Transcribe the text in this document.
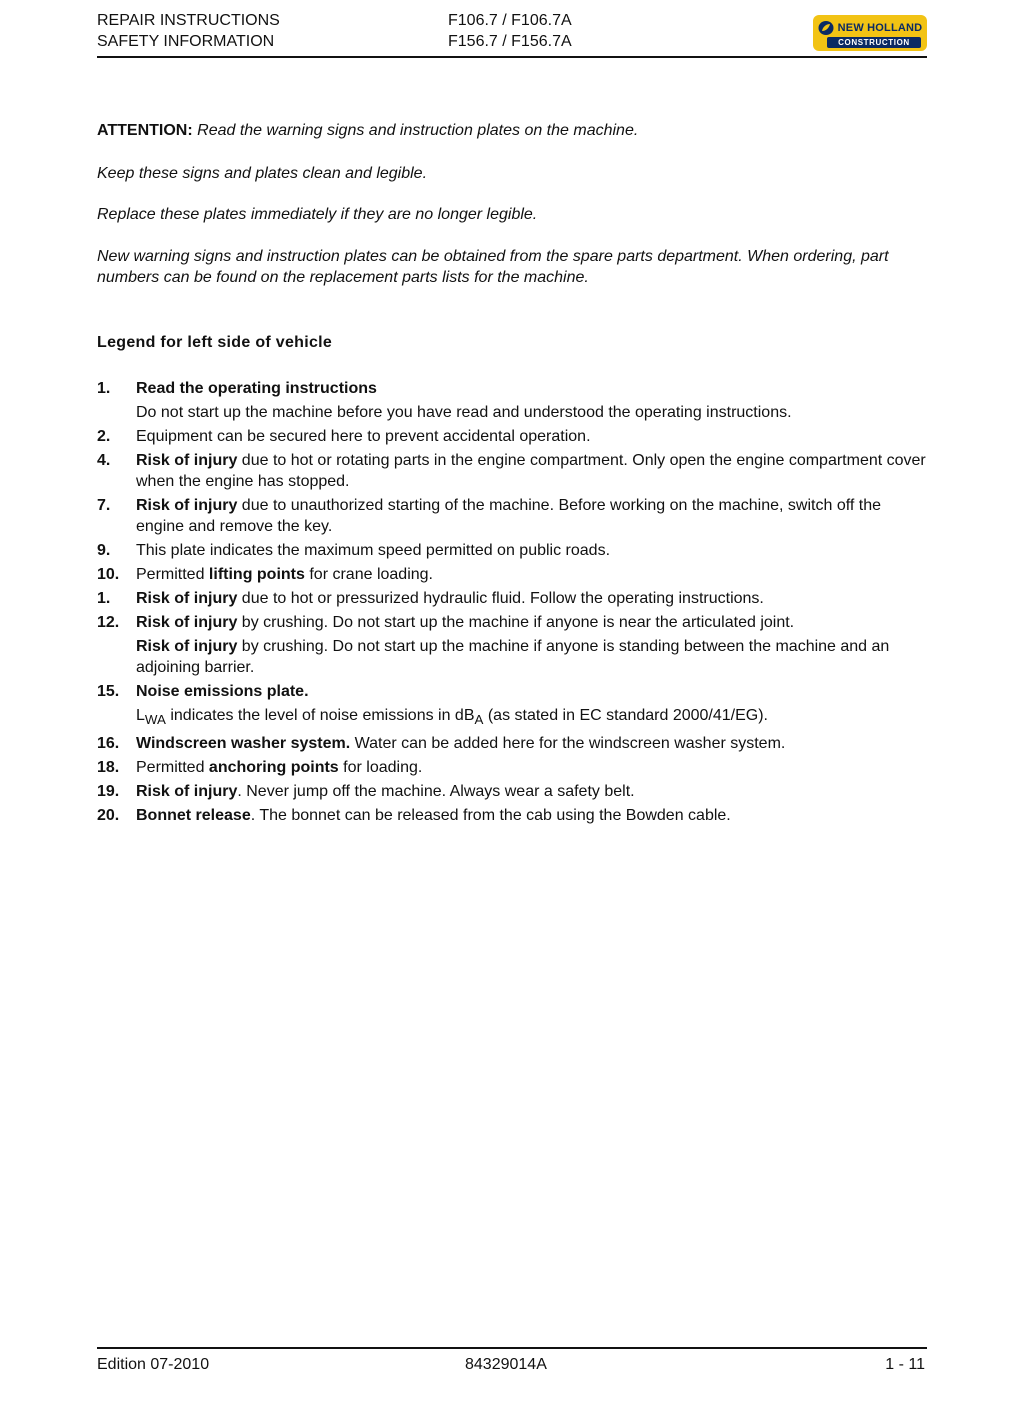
REPAIR INSTRUCTIONS
SAFETY INFORMATION
F106.7 / F106.7A
F156.7 / F156.7A
NEW HOLLAND
CONSTRUCTION

ATTENTION: Read the warning signs and instruction plates on the machine.

Keep these signs and plates clean and legible.

Replace these plates immediately if they are no longer legible.

New warning signs and instruction plates can be obtained from the spare parts department. When ordering, part numbers can be found on the replacement parts lists for the machine.

Legend for left side of vehicle
1.	Read the operating instructions
Do not start up the machine before you have read and understood the operating instructions.
2.	Equipment can be secured here to prevent accidental operation.
4.	Risk of injury due to hot or rotating parts in the engine compartment. Only open the engine compartment cover when the engine has stopped.
7.	Risk of injury due to unauthorized starting of the machine. Before working on the machine, switch off the engine and remove the key.
9.	This plate indicates the maximum speed permitted on public roads.
10.	Permitted lifting points for crane loading.
1.	Risk of injury due to hot or pressurized hydraulic fluid. Follow the operating instructions.
12.	Risk of injury by crushing. Do not start up the machine if anyone is near the articulated joint.
Risk of injury by crushing. Do not start up the machine if anyone is standing between the machine and an adjoining barrier.
15.	Noise emissions plate.
$L_{WA}$ indicates the level of noise emissions in $dB_A$ (as stated in EC standard 2000/41/EG).
16.	Windscreen washer system. Water can be added here for the windscreen washer system.
18.	Permitted anchoring points for loading.
19.	Risk of injury. Never jump off the machine. Always wear a safety belt.
20.	Bonnet release. The bonnet can be released from the cab using the Bowden cable.
Edition 07-2010	84329014A	1 - 11
